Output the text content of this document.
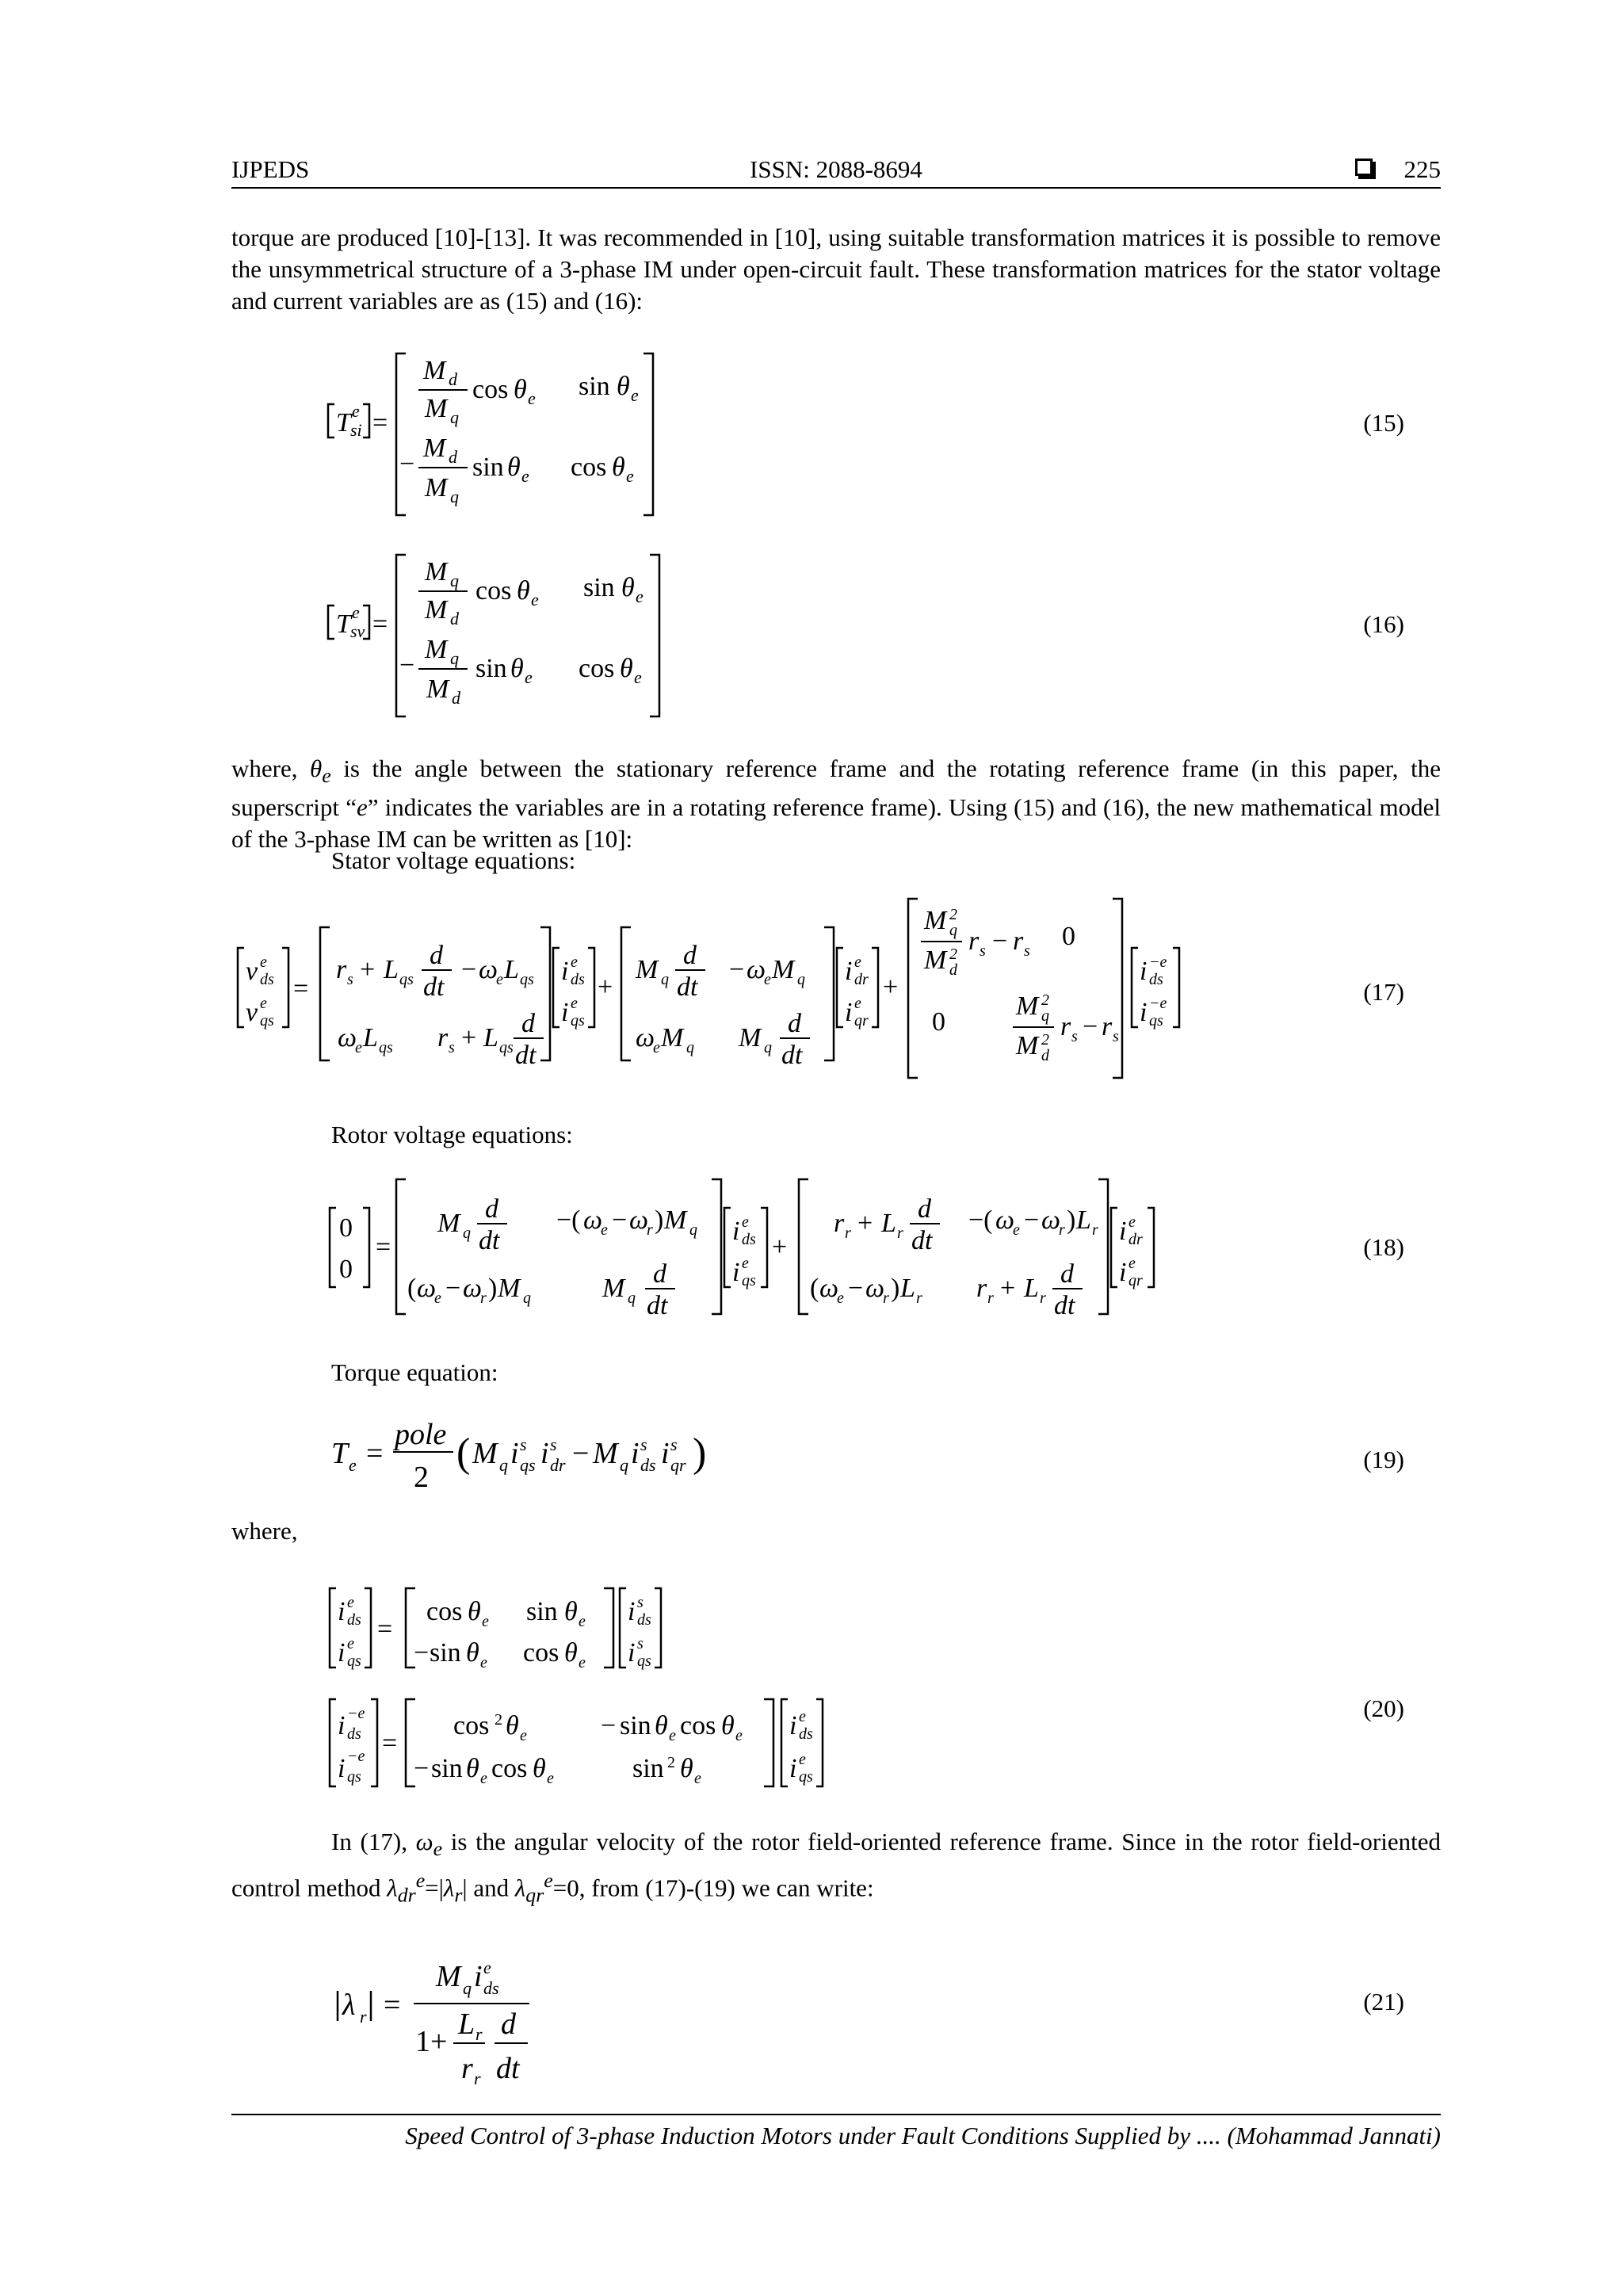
IJPEDS	ISSN: 2088-8694	225

torque are produced [10]-[13]. It was recommended in [10], using suitable transformation matrices it is possible to remove the unsymmetrical structure of a 3-phase IM under open-circuit fault. These transformation matrices for the stator voltage and current variables are as (15) and (16):

T e
si =
M d
M q
cos θ e sin θ e
−
M d
M q
sin θ e cos θ e
(15)
T e
sv =
M q
M d
cos θ e sin θ e
−
M q
M d
sin θ e cos θ e
(16)

where, $\theta_e$ is the angle between the stationary reference frame and the rotating reference frame (in this paper, the superscript “e” indicates the variables are in a rotating reference frame). Using (15) and (16), the new mathematical model of the 3-phase IM can be written as [10]:

Stator voltage equations:
v e
ds
v e
qs
=
r s + L qs
d
dt
− ω
e L qs
ω
e L qs r s + L qs
d
dt
i e
ds
i e
qs
+
M q
d
dt
− ω
e M q
ω
e M q M q
d
dt
i e
dr
i e
qr
+
M 2
q
M 2
d
r s − r s 0
0
M 2
q
M 2
d
r s − r s
i −e
ds
i −e
qs
(17)
Rotor voltage equations:
0
0
=
M q
d
dt
−( ω
e − ω
r ) M q
( ω
e − ω
r ) M q	M q
d
dt
i e
ds
i e
qs
+
r r + L r
d
dt
−( ω
e − ω
r ) L r
( ω
e − ω
r ) L r r r + L r
d
dt
i e
dr
i e
qr
(18)
Torque equation:
T e =
pole
2
( M q i s
qs i s
dr − M q i s
ds i s
qr )	(19)
where,
i e
ds
i e
qs
=
cos θ e sin θ e
− sin θ e cos θ e
i s
ds
i s
qs
i −e
ds
i −e
qs
=
cos 2 θ e	− sin θ e cos θ e
− sin θ e cos θ e	sin 2 θ e
i e
ds
i e
qs
(20)

In (17), $\omega_e$ is the angular velocity of the rotor field-oriented reference frame. Since in the rotor field-oriented control method $\lambda_{dr}^e=|\lambda_r|$ and $\lambda_{qr}^e=0$, from (17)-(19) we can write:

λ r =
M q i e
ds
1+
L r
r r
d
dt
(21)
Speed Control of 3-phase Induction Motors under Fault Conditions Supplied by .... (Mohammad Jannati)
